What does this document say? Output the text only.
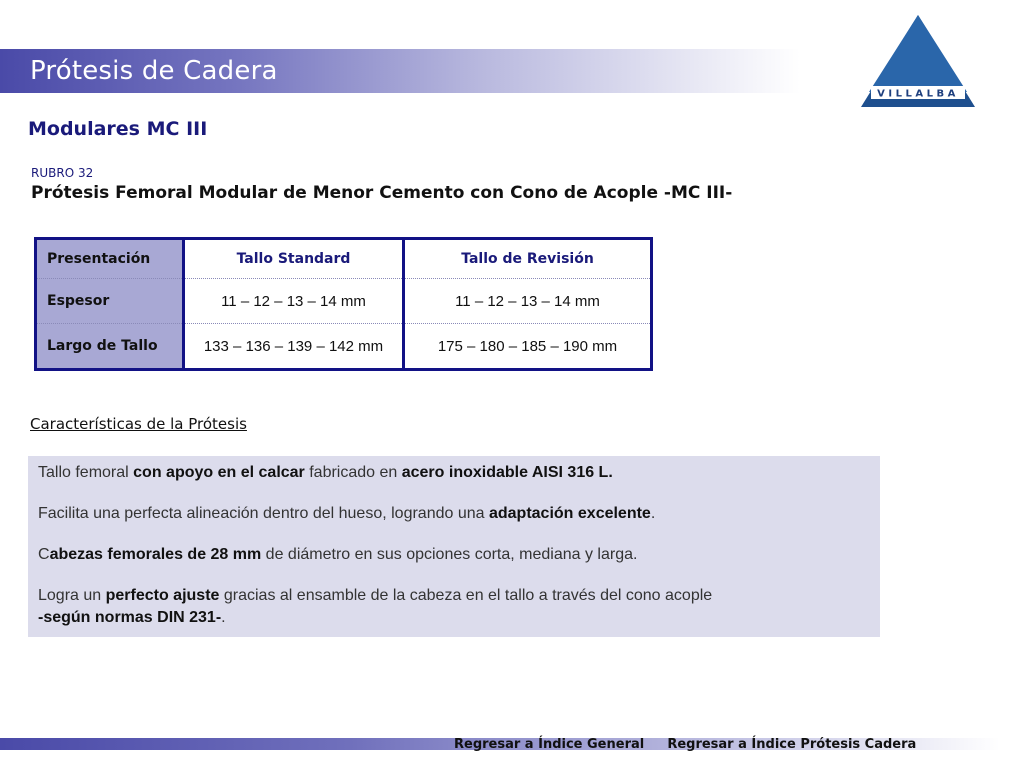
Prótesis de Cadera
VILLALBA
Modulares MC III
RUBRO 32
Prótesis Femoral Modular de Menor Cemento con Cono de Acople -MC III-
Presentación	Tallo Standard	Tallo de Revisión
Espesor	11 – 12 – 13 – 14 mm	11 – 12 – 13 – 14 mm
Largo de Tallo	133 – 136 – 139 – 142 mm	175 – 180 – 185 – 190 mm
Características de la Prótesis

Tallo femoral con apoyo en el calcar fabricado en acero inoxidable AISI 316 L.

Facilita una perfecta alineación dentro del hueso, logrando una adaptación excelente.

Cabezas femorales de 28 mm de diámetro en sus opciones corta, mediana y larga.

Logra un perfecto ajuste gracias al ensamble de la cabeza en el tallo a través del cono acople
-según normas DIN 231-.

Regresar a Índice General Regresar a Índice Prótesis Cadera
